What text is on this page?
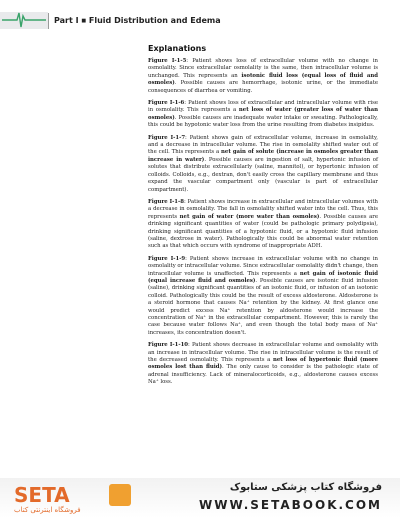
Part I ■ Fluid Distribution and Edema
Explanations

Figure I-1-5: Patient shows loss of extracellular volume with no change in osmolality. Since extracellular osmolality is the same, then intracellular volume is unchanged. This represents an isotonic fluid loss (equal loss of fluid and osmoles). Possible causes are hemorrhage, isotonic urine, or the immediate consequences of diarrhea or vomiting.

Figure I-1-6: Patient shows loss of extracellular and intracellular volume with rise in osmolality. This represents a net loss of water (greater loss of water than osmoles). Possible causes are inadequate water intake or sweating. Pathologically, this could be hypotonic water loss from the urine resulting from diabetes insipidus.

Figure I-1-7: Patient shows gain of extracellular volume, increase in osmolality, and a decrease in intracellular volume. The rise in osmolality shifted water out of the cell. This represents a net gain of solute (increase in osmoles greater than increase in water). Possible causes are ingestion of salt, hypertonic infusion of solutes that distribute extracellularly (saline, mannitol), or hypertonic infusion of colloids. Colloids, e.g., dextran, don't easily cross the capillary membrane and thus expand the vascular compartment only (vascular is part of extracellular compartment).

Figure I-1-8: Patient shows increase in extracellular and intracellular volumes with a decrease in osmolality. The fall in osmolality shifted water into the cell. Thus, this represents net gain of water (more water than osmoles). Possible causes are drinking significant quantities of water (could be pathologic primary polydipsia), drinking significant quantities of a hypotonic fluid, or a hypotonic fluid infusion (saline, dextrose in water). Pathologically this could be abnormal water retention such as that which occurs with syndrome of inappropriate ADH.

Figure I-1-9: Patient shows increase in extracellular volume with no change in osmolality or intracellular volume. Since extracellular osmolality didn't change, then intracellular volume is unaffected. This represents a net gain of isotonic fluid (equal increase fluid and osmoles). Possible causes are isotonic fluid infusion (saline), drinking significant quantities of an isotonic fluid, or infusion of an isotonic colloid. Pathologically this could be the result of excess aldosterone. Aldosterone is a steroid hormone that causes Na⁺ retention by the kidney. At first glance one would predict excess Na⁺ retention by aldosterone would increase the concentration of Na⁺ in the extracellular compartment. However, this is rarely the case because water follows Na⁺, and even though the total body mass of Na⁺ increases, its concentration doesn't.

Figure I-1-10: Patient shows decrease in extracellular volume and osmolality with an increase in intracellular volume. The rise in intracellular volume is the result of the decreased osmolality. This represents a net loss of hypertonic fluid (more osmoles lost than fluid). The only cause to consider is the pathologic state of adrenal insufficiency. Lack of mineralocorticoids, e.g., aldosterone causes excess Na⁺ loss.

SETA
فروشگاه اینترنتی کتاب
فروشگاه کتاب پزشکی ستابوک
WWW.SETABOOK.COM
